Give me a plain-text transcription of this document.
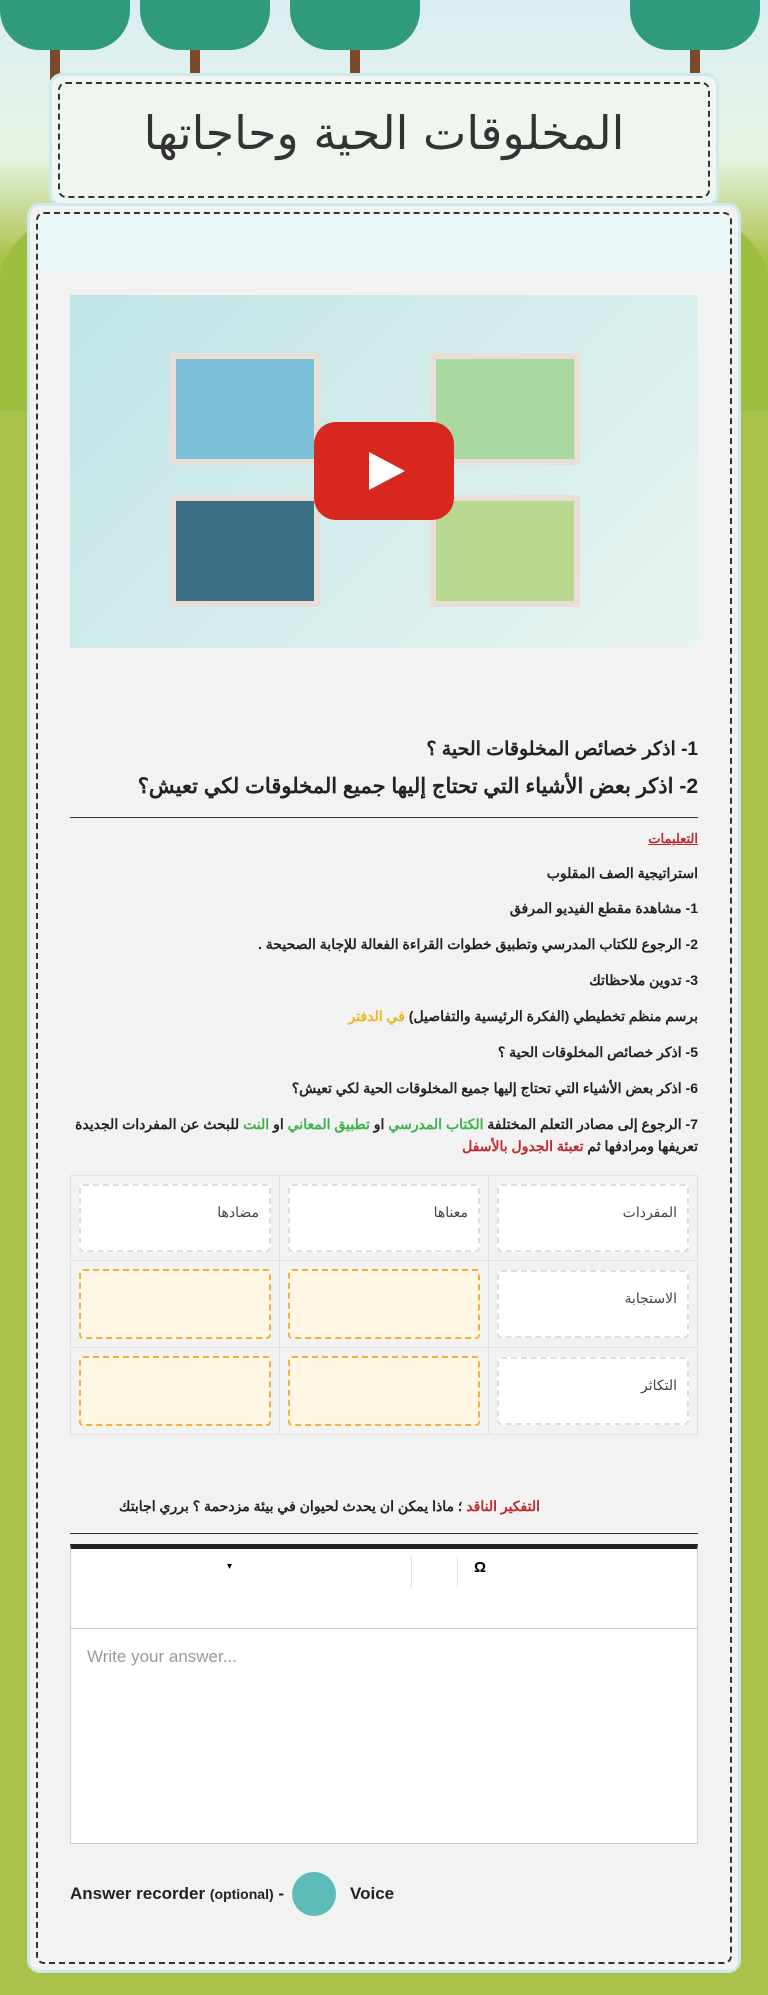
المخلوقات الحية وحاجاتها
1- اذكر خصائص المخلوقات الحية ؟
2- اذكر بعض الأشياء التي تحتاج إليها جميع المخلوقات لكي تعيش؟
التعليمات
استراتيجية الصف المقلوب
1- مشاهدة مقطع الفيديو المرفق
2- الرجوع للكتاب المدرسي وتطبيق خطوات القراءة الفعالة للإجابة الصحيحة .
3- تدوين ملاحظاتك
برسم منظم تخطيطي (الفكرة الرئيسية والتفاصيل) في الدفتر
5- اذكر خصائص المخلوقات الحية ؟
6- اذكر بعض الأشياء التي تحتاج إليها جميع المخلوقات الحية لكي تعيش؟
7- الرجوع إلى مصادر التعلم المختلفة الكتاب المدرسي او تطبيق المعاني او النت للبحث عن المفردات الجديدة تعريفها ومرادفها ثم تعبئة الجدول بالأسفل
المفردات	معناها	مضادها

الاستجابة		

التكاثر		

التفكير الناقد ؛ ماذا يمكن ان يحدث لحيوان في بيئة مزدحمة ؟ برري اجابتك
▾	Ω
Write your answer...
Answer recorder (optional) -	Voice
